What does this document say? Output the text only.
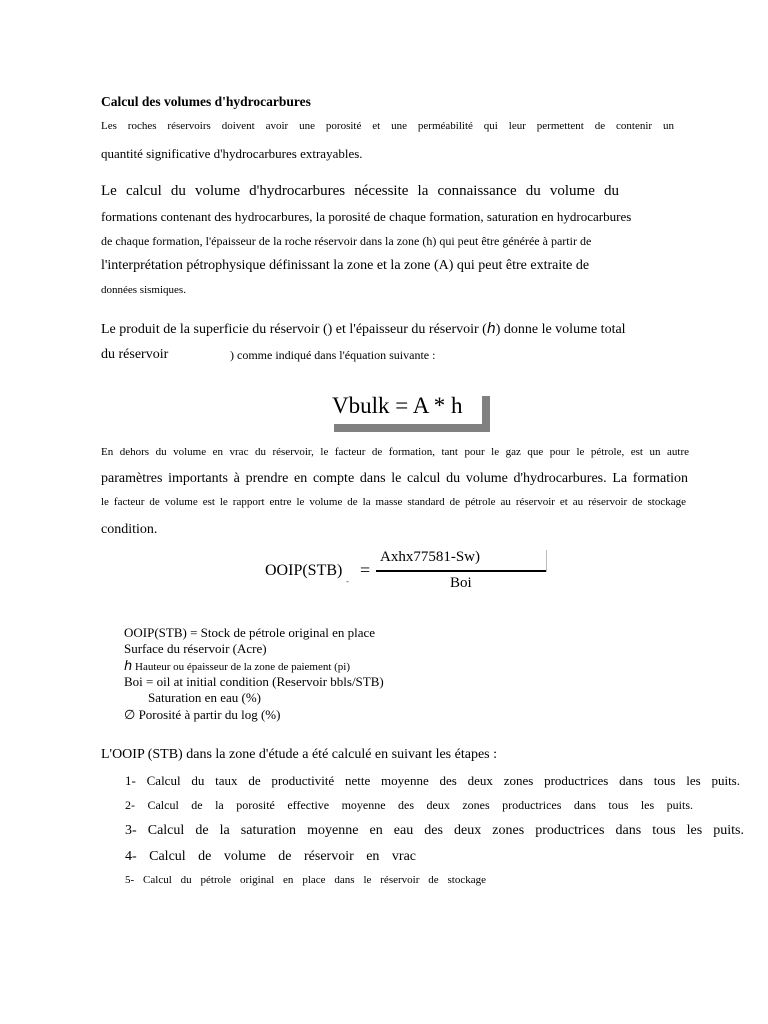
Calcul des volumes d'hydrocarbures
Les roches réservoirs doivent avoir une porosité et une perméabilité qui leur permettent de contenir un
quantité significative d'hydrocarbures extrayables.
Le calcul du volume d'hydrocarbures nécessite la connaissance du volume du
formations contenant des hydrocarbures, la porosité de chaque formation, saturation en hydrocarbures
de chaque formation, l'épaisseur de la roche réservoir dans la zone (h) qui peut être générée à partir de
l'interprétation pétrophysique définissant la zone et la zone (A) qui peut être extraite de
données sismiques.
Le produit de la superficie du réservoir () et l'épaisseur du réservoir (h) donne le volume total
du réservoir	) comme indiqué dans l'équation suivante :
Vbulk = A * h
En dehors du volume en vrac du réservoir, le facteur de formation, tant pour le gaz que pour le pétrole, est un autre
paramètres importants à prendre en compte dans le calcul du volume d'hydrocarbures. La formation
le facteur de volume est le rapport entre le volume de la masse standard de pétrole au réservoir et au réservoir de stockage
condition.
OOIP(STB)
-
=
Axhx77581-Sw)
Boi
OOIP(STB) = Stock de pétrole original en place
Surface du réservoir (Acre)
h Hauteur ou épaisseur de la zone de paiement (pi)
Boi = oil at initial condition (Reservoir bbls/STB)
Saturation en eau (%)
∅ Porosité à partir du log (%)
L'OOIP (STB) dans la zone d'étude a été calculé en suivant les étapes :
1- Calcul du taux de productivité nette moyenne des deux zones productrices dans tous les puits.
2- Calcul de la porosité effective moyenne des deux zones productrices dans tous les puits.
3- Calcul de la saturation moyenne en eau des deux zones productrices dans tous les puits.
4- Calcul de volume de réservoir en vrac
5- Calcul du pétrole original en place dans le réservoir de stockage
